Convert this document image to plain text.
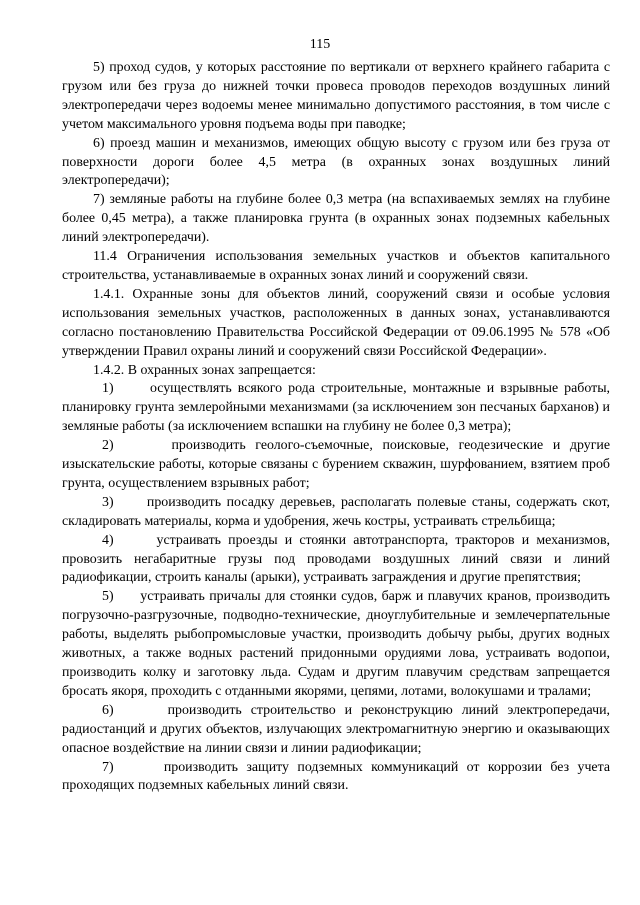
115

5) проход судов, у которых расстояние по вертикали от верхнего крайнего габарита с грузом или без груза до нижней точки провеса проводов переходов воздушных линий электропередачи через водоемы менее минимально допустимого расстояния, в том числе с учетом максимального уровня подъема воды при паводке;

6) проезд машин и механизмов, имеющих общую высоту с грузом или без груза от поверхности дороги более 4,5 метра (в охранных зонах воздушных линий электропередачи);

7) земляные работы на глубине более 0,3 метра (на вспахиваемых землях на глубине более 0,45 метра), а также планировка грунта (в охранных зонах подземных кабельных линий электропередачи).

11.4 Ограничения использования земельных участков и объектов капитального строительства, устанавливаемые в охранных зонах линий и сооружений связи.

1.4.1. Охранные зоны для объектов линий, сооружений связи и особые условия использования земельных участков, расположенных в данных зонах, устанавливаются согласно постановлению Правительства Российской Федерации от 09.06.1995 № 578 «Об утверждении Правил охраны линий и сооружений связи Российской Федерации».

1.4.2. В охранных зонах запрещается:

1)      осуществлять всякого рода строительные, монтажные и взрывные работы, планировку грунта землеройными механизмами (за исключением зон песчаных барханов) и земляные работы (за исключением вспашки на глубину не более 0,3 метра);

2)      производить геолого-съемочные, поисковые, геодезические и другие изыскательские работы, которые связаны с бурением скважин, шурфованием, взятием проб грунта, осуществлением взрывных работ;

3)      производить посадку деревьев, располагать полевые станы, содержать скот, складировать материалы, корма и удобрения, жечь костры, устраивать стрельбища;

4)      устраивать проезды и стоянки автотранспорта, тракторов и механизмов, провозить негабаритные грузы под проводами воздушных линий связи и линий радиофикации, строить каналы (арыки), устраивать заграждения и другие препятствия;

5)      устраивать причалы для стоянки судов, барж и плавучих кранов, производить погрузочно-разгрузочные, подводно-технические, дноуглубительные и землечерпательные работы, выделять рыбопромысловые участки, производить добычу рыбы, других водных животных, а также водных растений придонными орудиями лова, устраивать водопои, производить колку и заготовку льда. Судам и другим плавучим средствам запрещается бросать якоря, проходить с отданными якорями, цепями, лотами, волокушами и тралами;

6)      производить строительство и реконструкцию линий электропередачи, радиостанций и других объектов, излучающих электромагнитную энергию и оказывающих опасное воздействие на линии связи и линии радиофикации;

7)      производить защиту подземных коммуникаций от коррозии без учета проходящих подземных кабельных линий связи.
